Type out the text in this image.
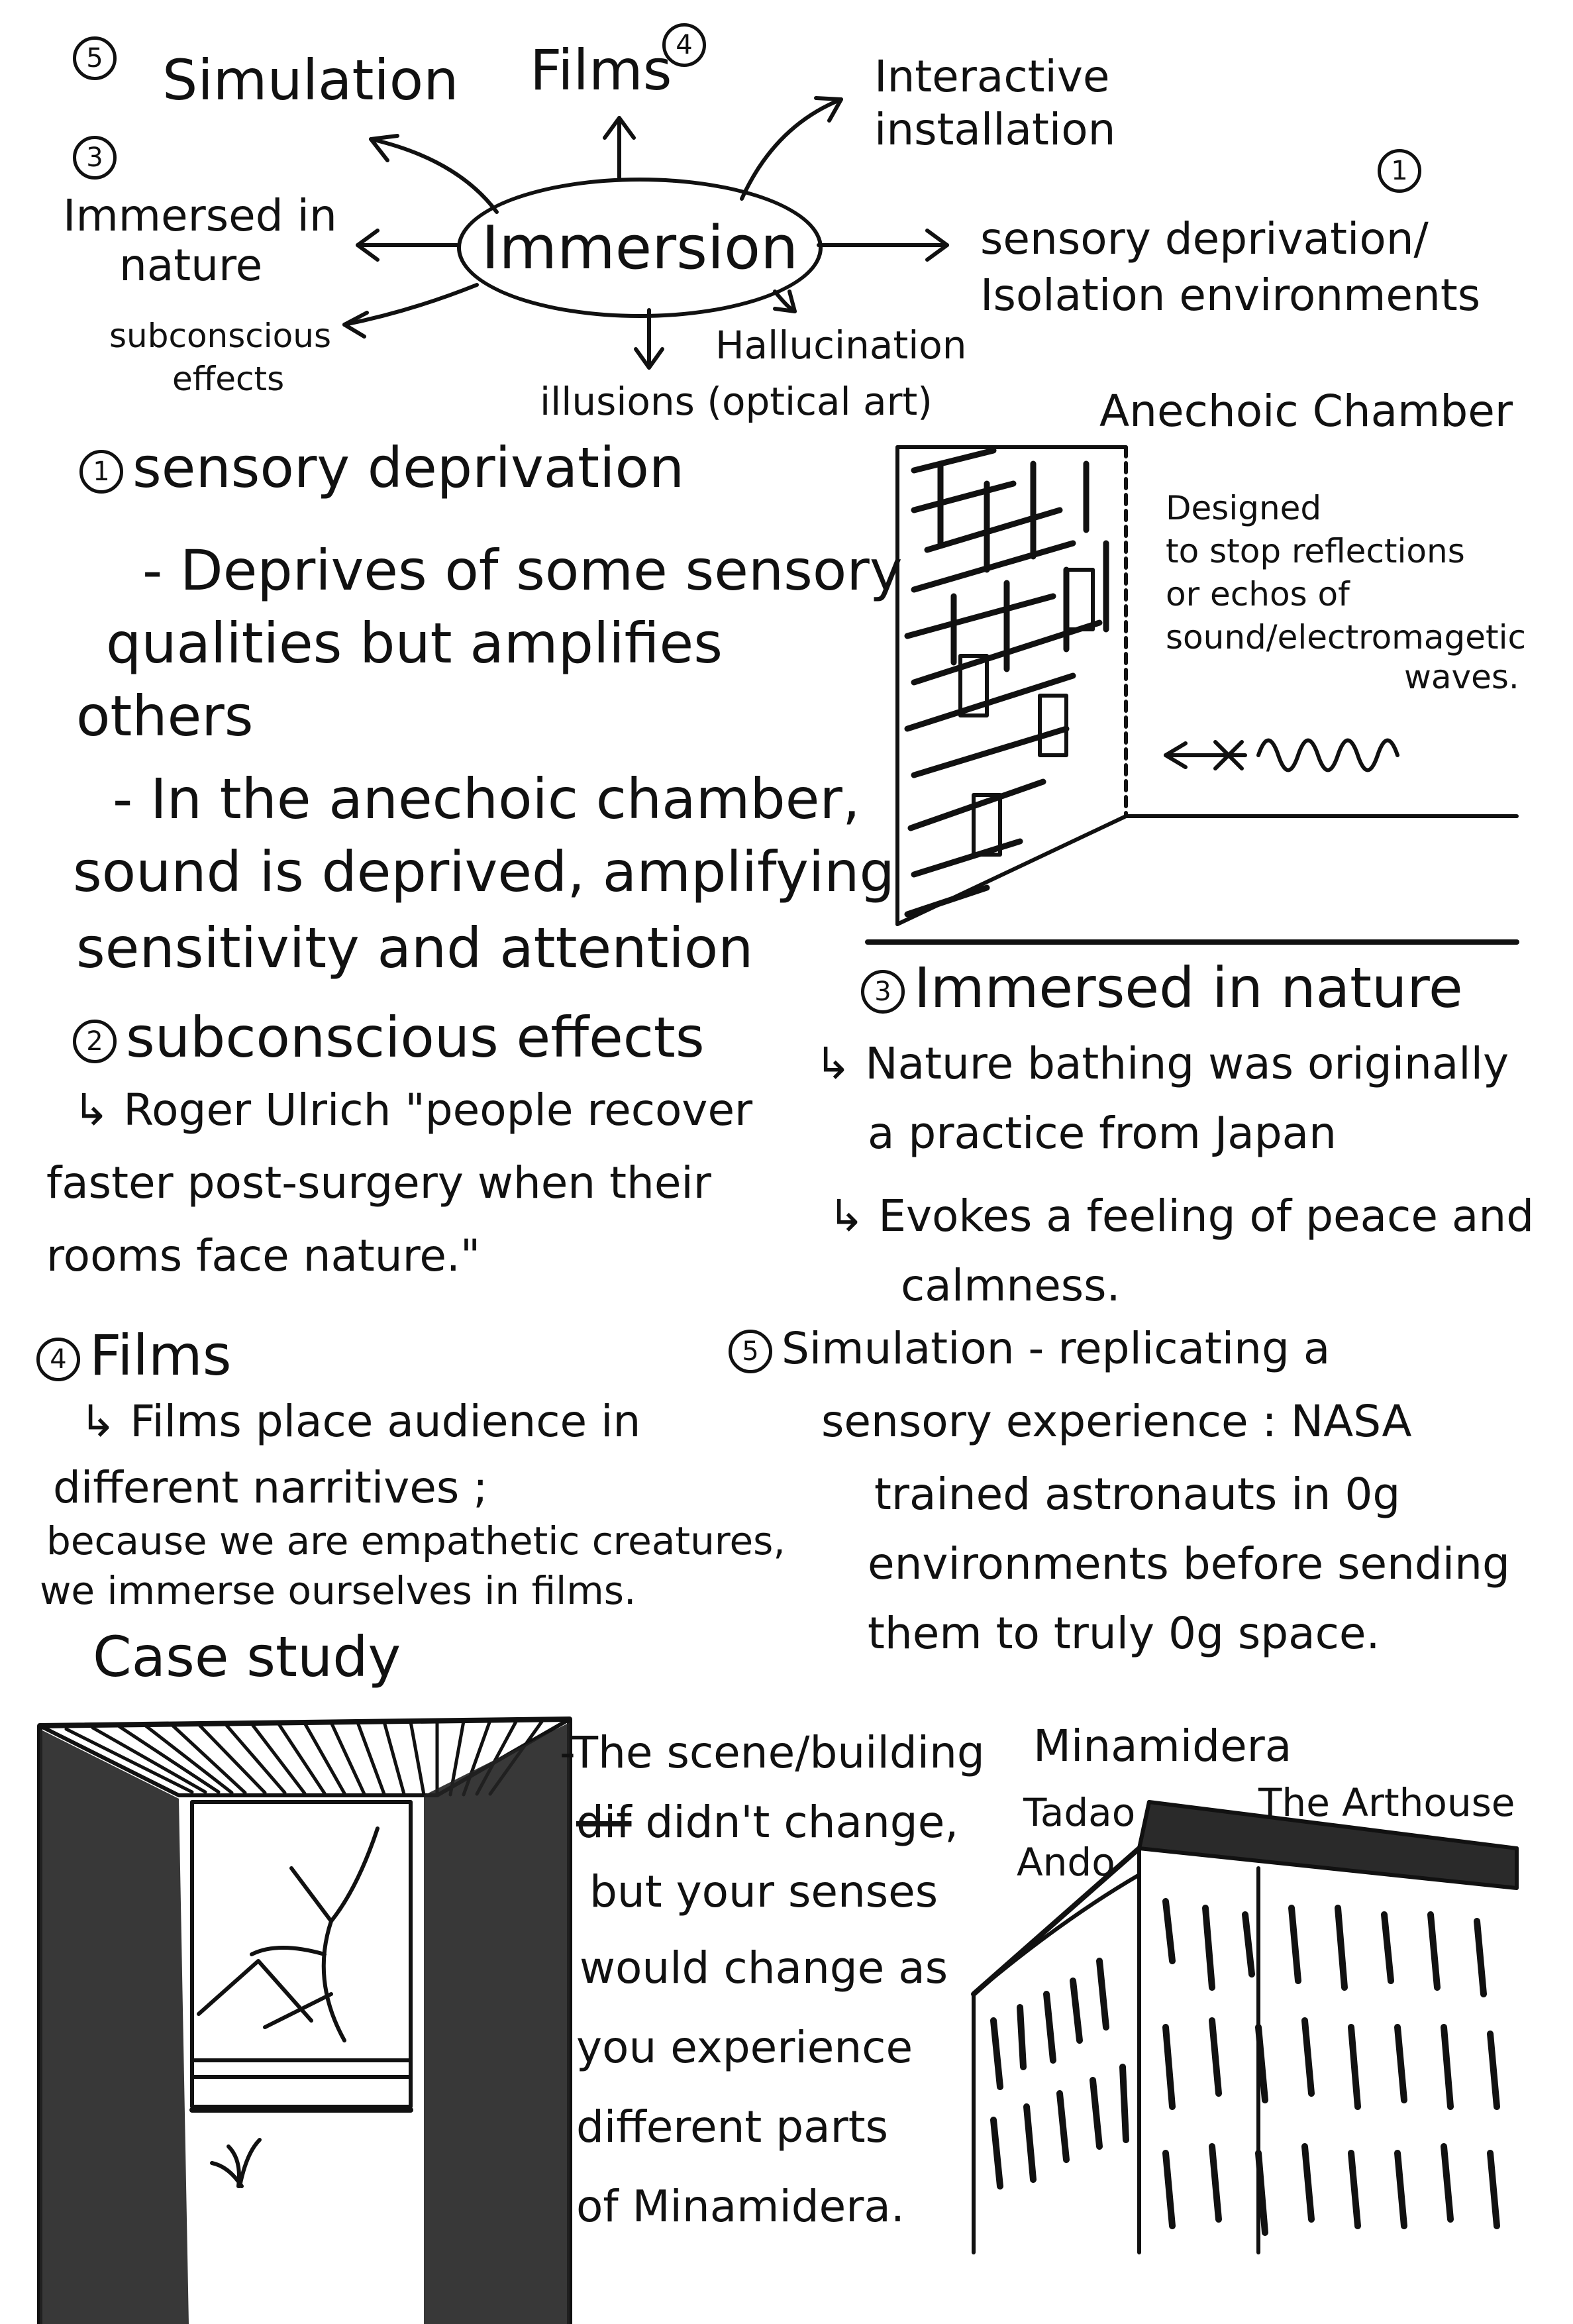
5 Simulation Films 4
Interactive
installation
3
Immersed in
nature	Immersion
1
sensory deprivation/
Isolation environments
subconscious
effects
Hallucination
illusions (optical art)	Anechoic Chamber
Designed
to stop reflections
or echos of
sound/electromagetic
waves.
1 sensory deprivation
- Deprives of some sensory
qualities but amplifies
others
- In the anechoic chamber,
sound is deprived, amplifying
sensitivity and attention
2 subconscious effects
↳ Roger Ulrich "people recover
faster post-surgery when their
rooms face nature."
3 Immersed in nature
↳ Nature bathing was originally
a practice from Japan
↳ Evokes a feeling of peace and
calmness.
4 Films
↳ Films place audience in
different narritives ;
because we are empathetic creatures,
we immerse ourselves in films.
5 Simulation - replicating a
sensory experience : NASA
trained astronauts in 0g
environments before sending
them to truly 0g space.
Case study
-The scene/building
dif didn't change,
but your senses
would change as
you experience
different parts
of Minamidera.
Minamidera
Tadao
Ando
The Arthouse
